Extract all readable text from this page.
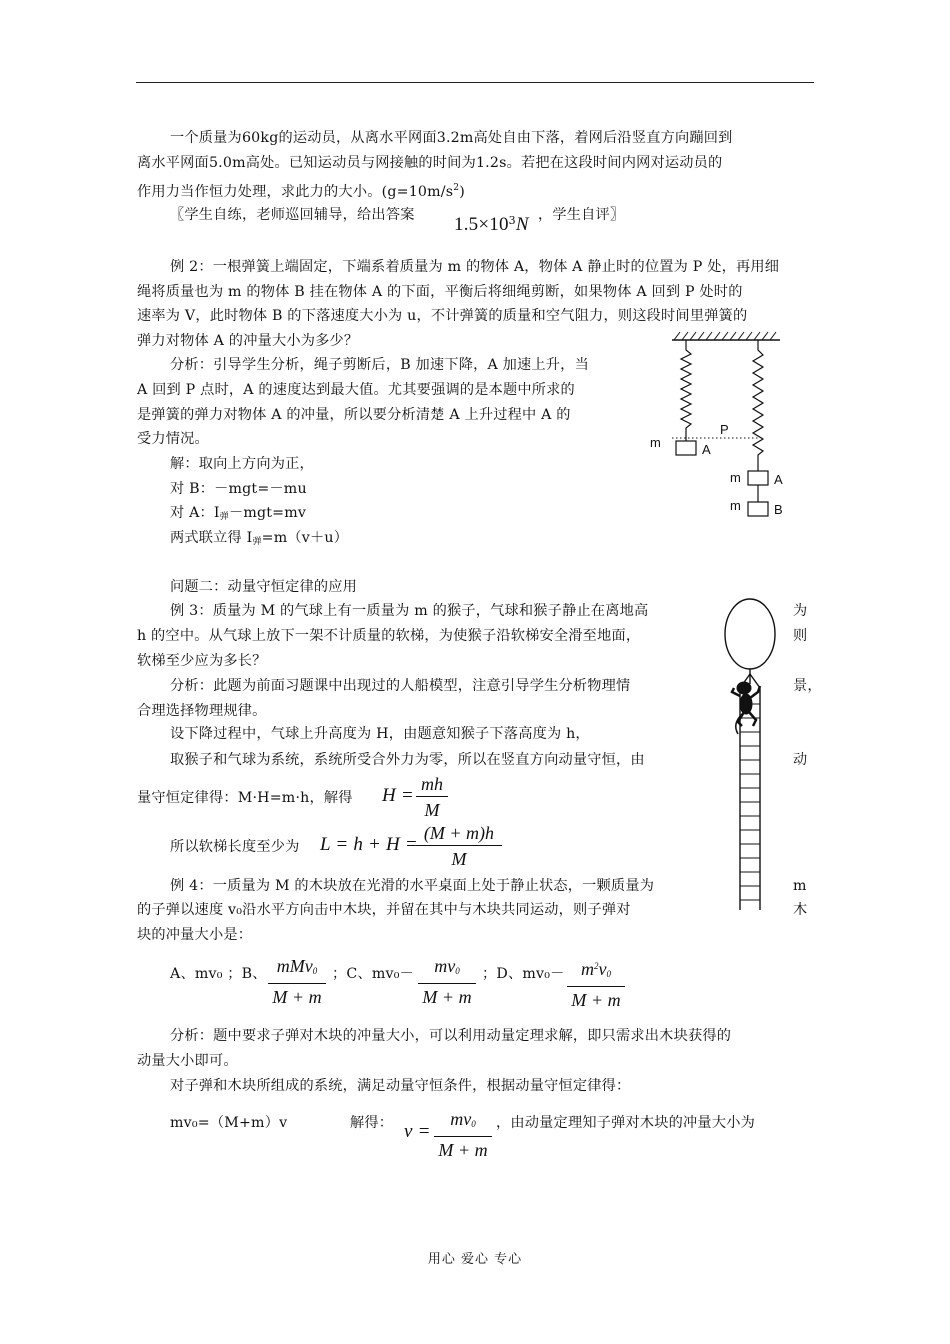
一个质量为60kg的运动员，从离水平网面3.2m高处自由下落，着网后沿竖直方向蹦回到
离水平网面5.0m高处。已知运动员与网接触的时间为1.2s。若把在这段时间内网对运动员的
作用力当作恒力处理，求此力的大小。$(g=10m/s^2)$
〖学生自练，老师巡回辅导，给出答案 $1.5\times 10^3N$ ，学生自评〗
例 2：一根弹簧上端固定，下端系着质量为 m 的物体 A，物体 A 静止时的位置为 P 处，再用细
绳将质量也为 m 的物体 B 挂在物体 A 的下面，平衡后将细绳剪断，如果物体 A 回到 P 处时的
速率为 V，此时物体 B 的下落速度大小为 u，不计弹簧的质量和空气阻力，则这段时间里弹簧的
弹力对物体 A 的冲量大小为多少？
分析：引导学生分析，绳子剪断后，B 加速下降，A 加速上升，当
A 回到 P 点时，A 的速度达到最大值。尤其要强调的是本题中所求的
是弹簧的弹力对物体 A 的冲量，所以要分析清楚 A 上升过程中 A 的
受力情况。
解：取向上方向为正，
对 B：－mgt=－mu
对 A：$I_弹-mgt=mv$
两式联立得 $I_弹=m(v+u)$
m	A
P
m	A
m	B
问题二：动量守恒定律的应用
例 3：质量为 M 的气球上有一质量为 m 的猴子，气球和猴子静止在离地高	为
h 的空中。从气球上放下一架不计质量的软梯，为使猴子沿软梯安全滑至地面，	则
软梯至少应为多长？
分析：此题为前面习题课中出现过的人船模型，注意引导学生分析物理情	景，
合理选择物理规律。
设下降过程中，气球上升高度为 H，由题意知猴子下落高度为 h，
取猴子和气球为系统，系统所受合外力为零，所以在竖直方向动量守恒，由	动
量守恒定律得：M·H=m·h，解得 H =
mh
M
所以软梯长度至少为 L = h + H =
(M + m)h
M
例 4：一质量为 M 的木块放在光滑的水平桌面上处于静止状态，一颗质量为	m
的子弹以速度 v₀沿水平方向击中木块，并留在其中与木块共同运动，则子弹对	木
块的冲量大小是：
A、mv₀ ；B、 mMv$_0$
M + m
；C、mv₀－	$mv_0$
M + m
；D、$mv_0- m^2v_0$
M + m
分析：题中要求子弹对木块的冲量大小，可以利用动量定理求解，即只需求出木块获得的
动量大小即可。
对子弹和木块所组成的系统，满足动量守恒条件，根据动量守恒定律得：
mv₀=（M+m）v	解得： v =
$mv_0$
M + m
，由动量定理知子弹对木块的冲量大小为
用心 爱心 专心
